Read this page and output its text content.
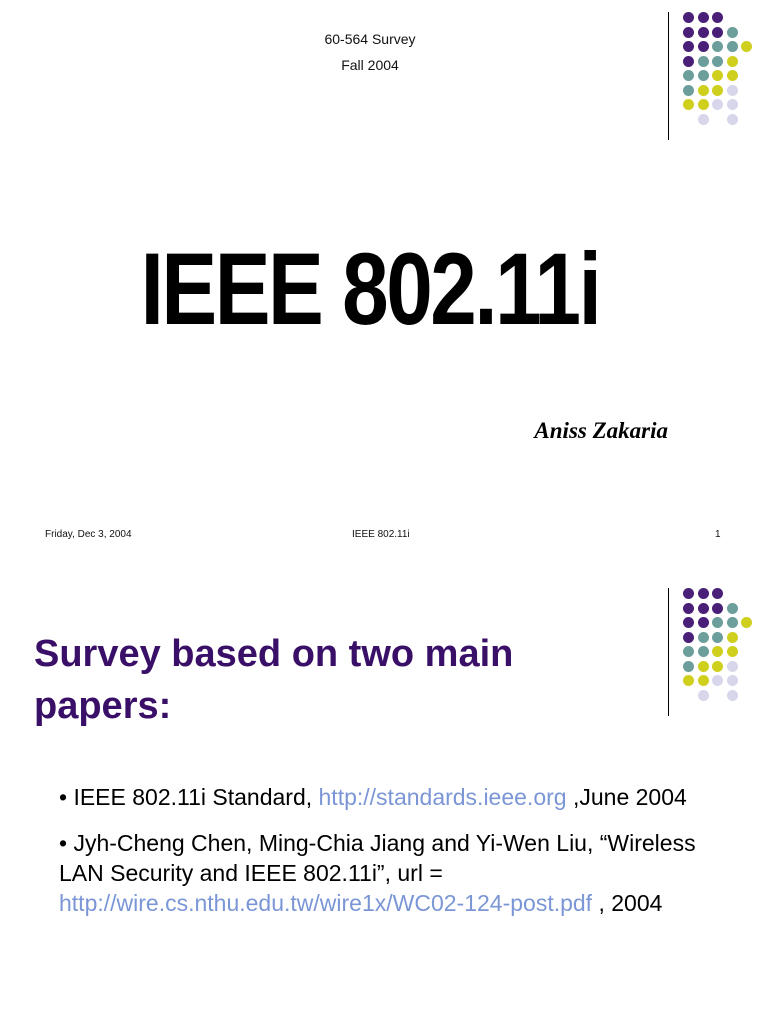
60-564 Survey
Fall 2004
IEEE 802.11i
Aniss Zakaria
Friday, Dec 3, 2004	IEEE 802.11i	1
Survey based on two main
papers:
• IEEE 802.11i Standard, http://standards.ieee.org ,June 2004
• Jyh-Cheng Chen, Ming-Chia Jiang and Yi-Wen Liu, “Wireless LAN Security and IEEE 802.11i”, url = http://wire.cs.nthu.edu.tw/wire1x/WC02-124-post.pdf , 2004
